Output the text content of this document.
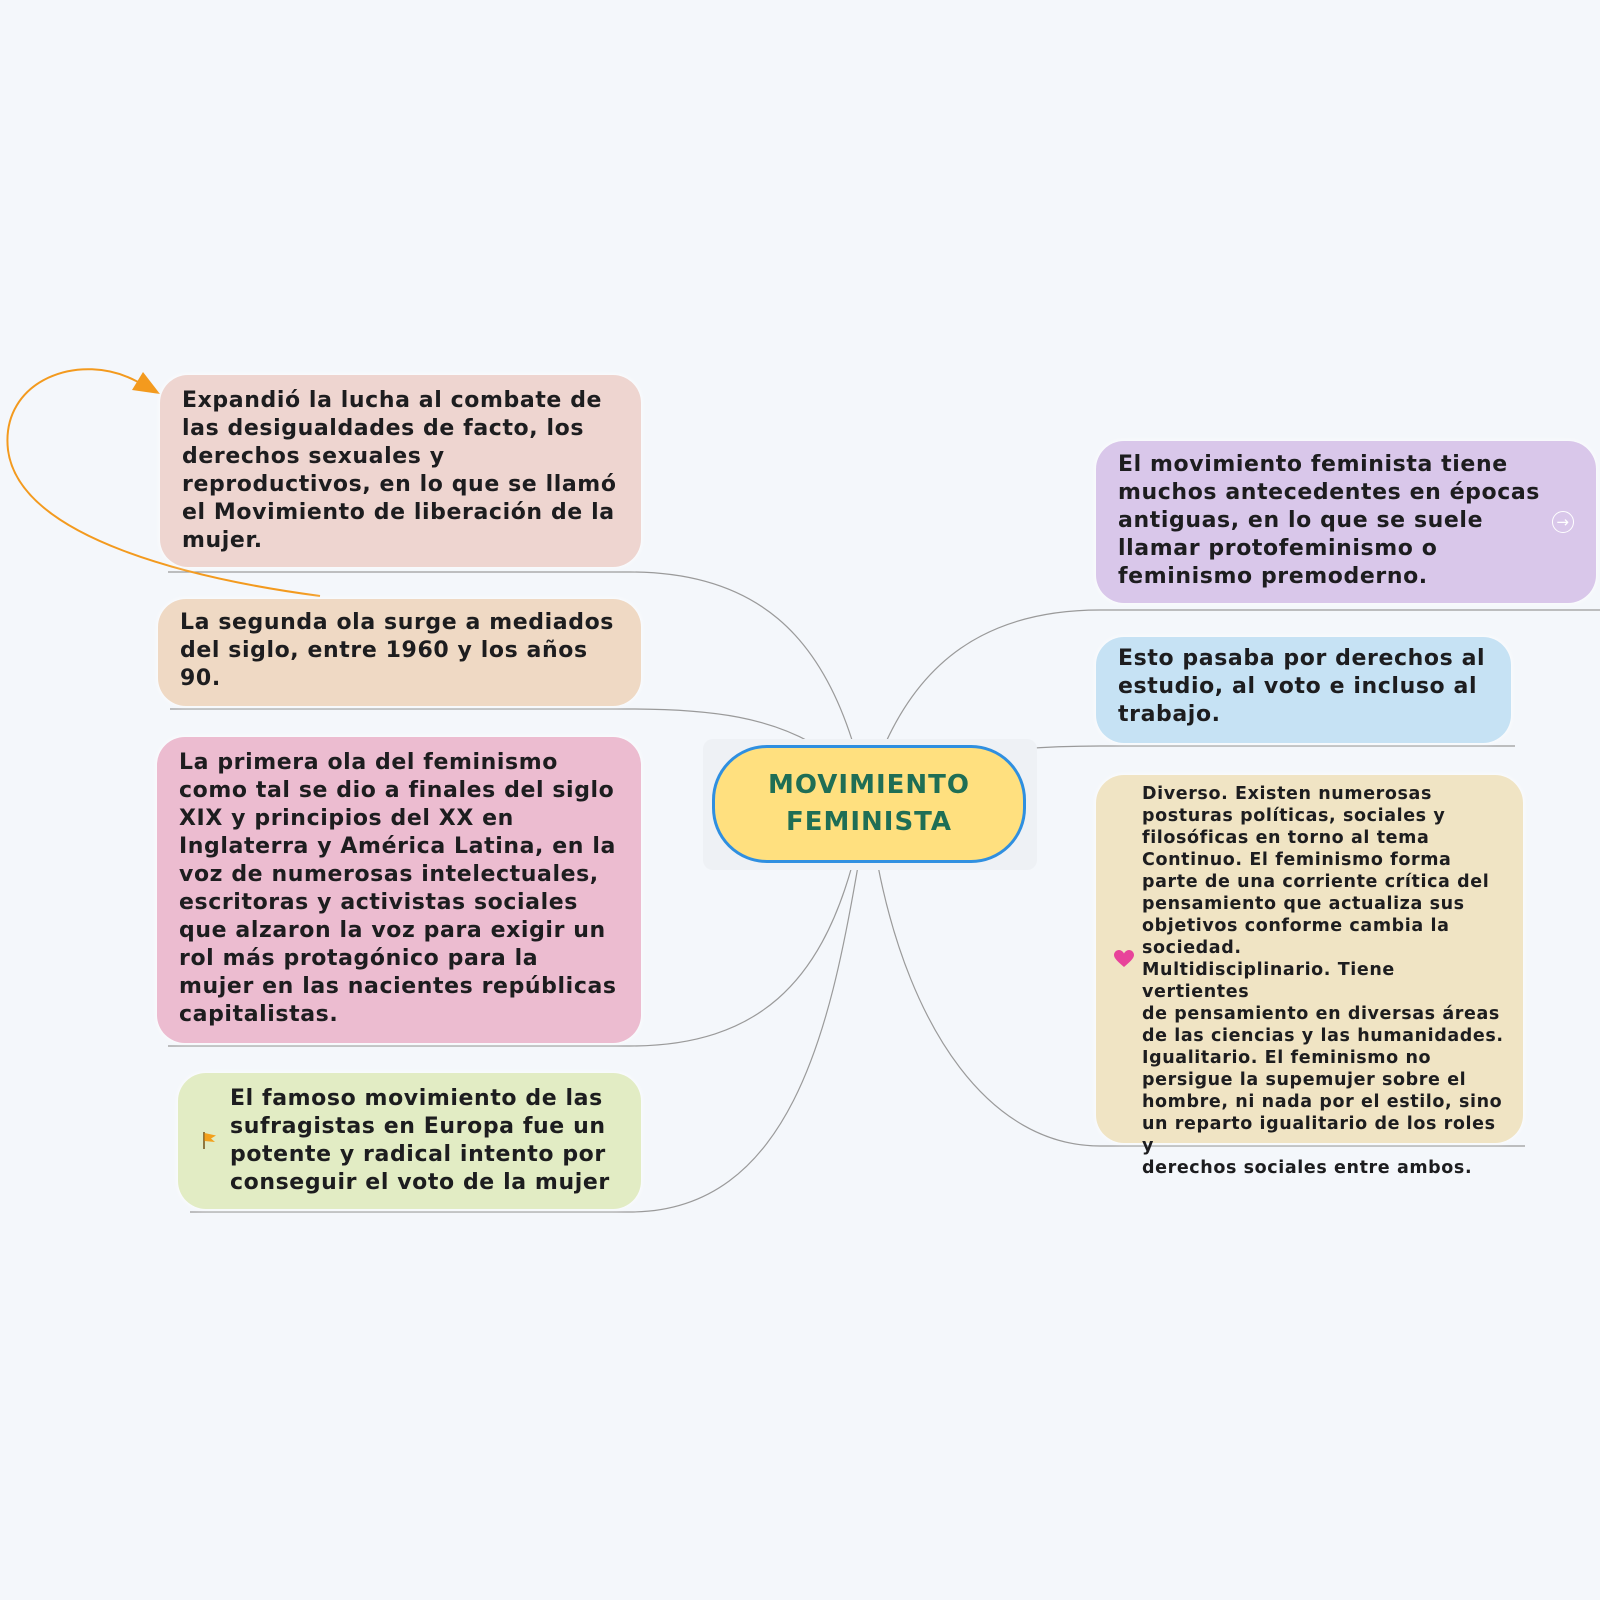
Expandió la lucha al combate de
las desigualdades de facto, los
derechos sexuales y
reproductivos, en lo que se llamó
el Movimiento de liberación de la
mujer.
La segunda ola surge a mediados
del siglo, entre 1960 y los años
90.
La primera ola del feminismo
como tal se dio a finales del siglo
XIX y principios del XX en
Inglaterra y América Latina, en la
voz de numerosas intelectuales,
escritoras y activistas sociales
que alzaron la voz para exigir un
rol más protagónico para la
mujer en las nacientes repúblicas
capitalistas.
El famoso movimiento de las
sufragistas en Europa fue un
potente y radical intento por
conseguir el voto de la mujer
MOVIMIENTO
FEMINISTA
El movimiento feminista tiene
muchos antecedentes en épocas
antiguas, en lo que se suele
llamar protofeminismo o
feminismo premoderno.
→
Esto pasaba por derechos al
estudio, al voto e incluso al
trabajo.
Diverso. Existen numerosas
posturas políticas, sociales y
filosóficas en torno al tema
Continuo. El feminismo forma
parte de una corriente crítica del
pensamiento que actualiza sus
objetivos conforme cambia la
sociedad.
Multidisciplinario. Tiene vertientes
de pensamiento en diversas áreas
de las ciencias y las humanidades.
Igualitario. El feminismo no
persigue la supemujer sobre el
hombre, ni nada por el estilo, sino
un reparto igualitario de los roles y
derechos sociales entre ambos.
